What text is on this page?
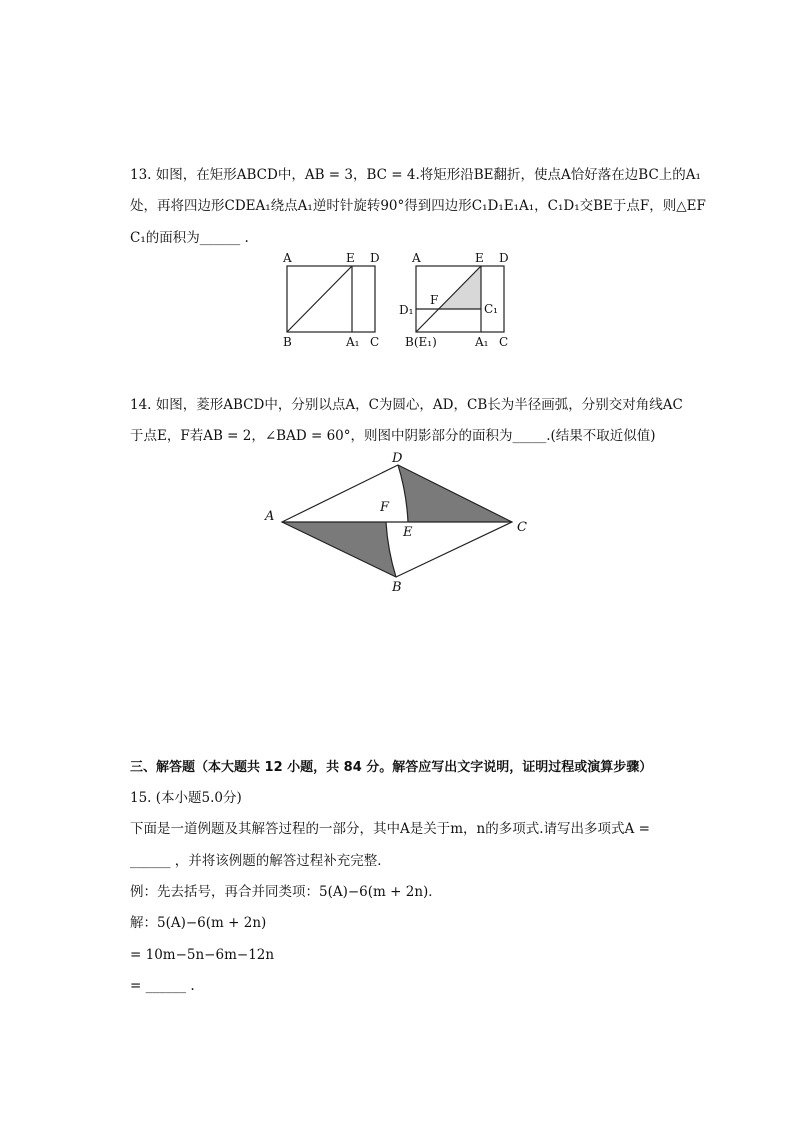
13. 如图，在矩形ABCD中，AB = 3，BC = 4.将矩形沿BE翻折，使点A恰好落在边BC上的A₁
处，再将四边形CDEA₁绕点A₁逆时针旋转90°得到四边形C₁D₁E₁A₁，C₁D₁交BE于点F，则△EF
C₁的面积为______ .
A	E D
B	A₁ C
A	E D
D₁
F
C₁
B(E₁)	A₁ C
14. 如图，菱形ABCD中，分别以点A，C为圆心，AD，CB长为半径画弧，分别交对角线AC
于点E，F若AB = 2，∠BAD = 60°，则图中阴影部分的面积为_____.(结果不取近似值)
A
D
F
E	C
B
三、解答题（本大题共 12 小题，共 84 分。解答应写出文字说明，证明过程或演算步骤）
15. (本小题5.0分)
下面是一道例题及其解答过程的一部分，其中A是关于m，n的多项式.请写出多项式A =
______ ，并将该例题的解答过程补充完整．
例：先去括号，再合并同类项：5(A)−6(m + 2n)．
解：5(A)−6(m + 2n)
= 10m−5n−6m−12n
= ______ .
